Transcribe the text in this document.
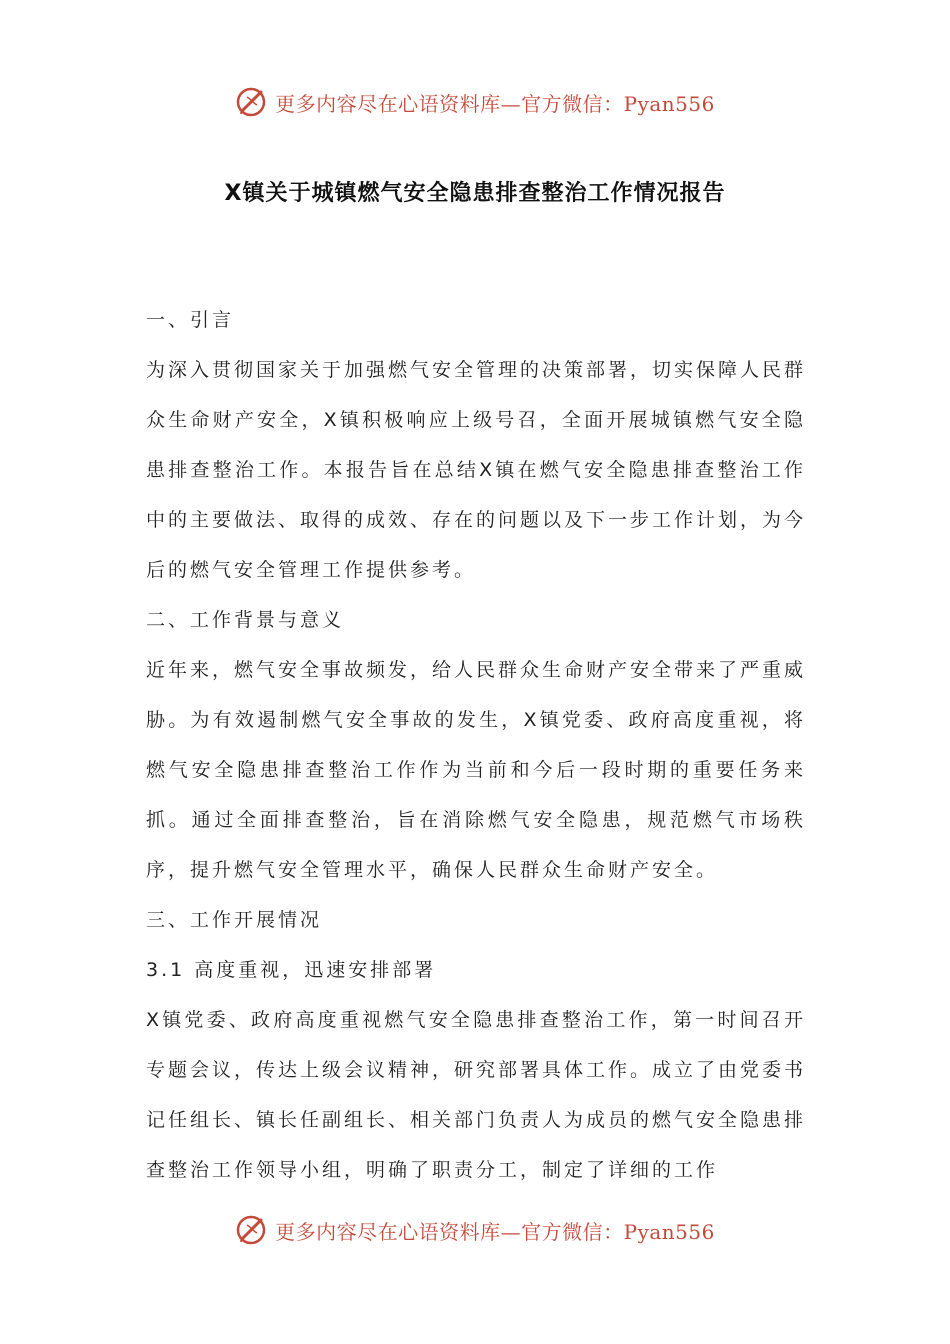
更多内容尽在心语资料库—官方微信：Pyan556
X镇关于城镇燃气安全隐患排查整治工作情况报告

一、引言

为深入贯彻国家关于加强燃气安全管理的决策部署，切实保障人民群众生命财产安全，X镇积极响应上级号召，全面开展城镇燃气安全隐患排查整治工作。本报告旨在总结X镇在燃气安全隐患排查整治工作中的主要做法、取得的成效、存在的问题以及下一步工作计划，为今后的燃气安全管理工作提供参考。

二、工作背景与意义

近年来，燃气安全事故频发，给人民群众生命财产安全带来了严重威胁。为有效遏制燃气安全事故的发生，X镇党委、政府高度重视，将燃气安全隐患排查整治工作作为当前和今后一段时期的重要任务来抓。通过全面排查整治，旨在消除燃气安全隐患，规范燃气市场秩序，提升燃气安全管理水平，确保人民群众生命财产安全。

三、工作开展情况

3.1 高度重视，迅速安排部署

X镇党委、政府高度重视燃气安全隐患排查整治工作，第一时间召开专题会议，传达上级会议精神，研究部署具体工作。成立了由党委书记任组长、镇长任副组长、相关部门负责人为成员的燃气安全隐患排查整治工作领导小组，明确了职责分工，制定了详细的工作

更多内容尽在心语资料库—官方微信：Pyan556
